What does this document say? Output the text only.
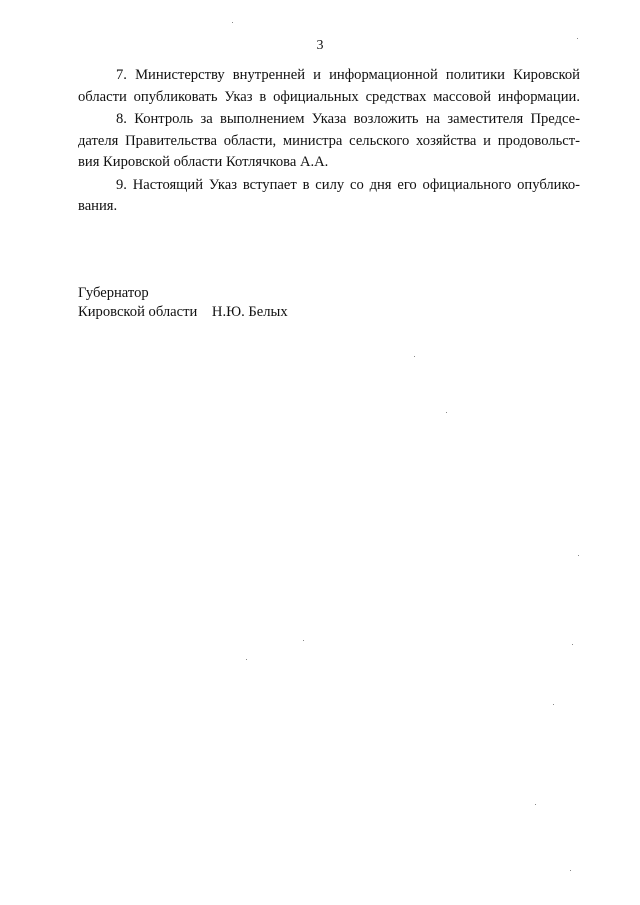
3

7. Министерству внутренней и информационной политики Кировской
области опубликовать Указ в официальных средствах массовой информации.

8. Контроль за выполнением Указа возложить на заместителя Предсе-
дателя Правительства области, министра сельского хозяйства и продовольст-
вия Кировской области Котлячкова А.А.

9. Настоящий Указ вступает в силу со дня его официального опублико-
вания.

Губернатор
Кировской области    Н.Ю. Белых
